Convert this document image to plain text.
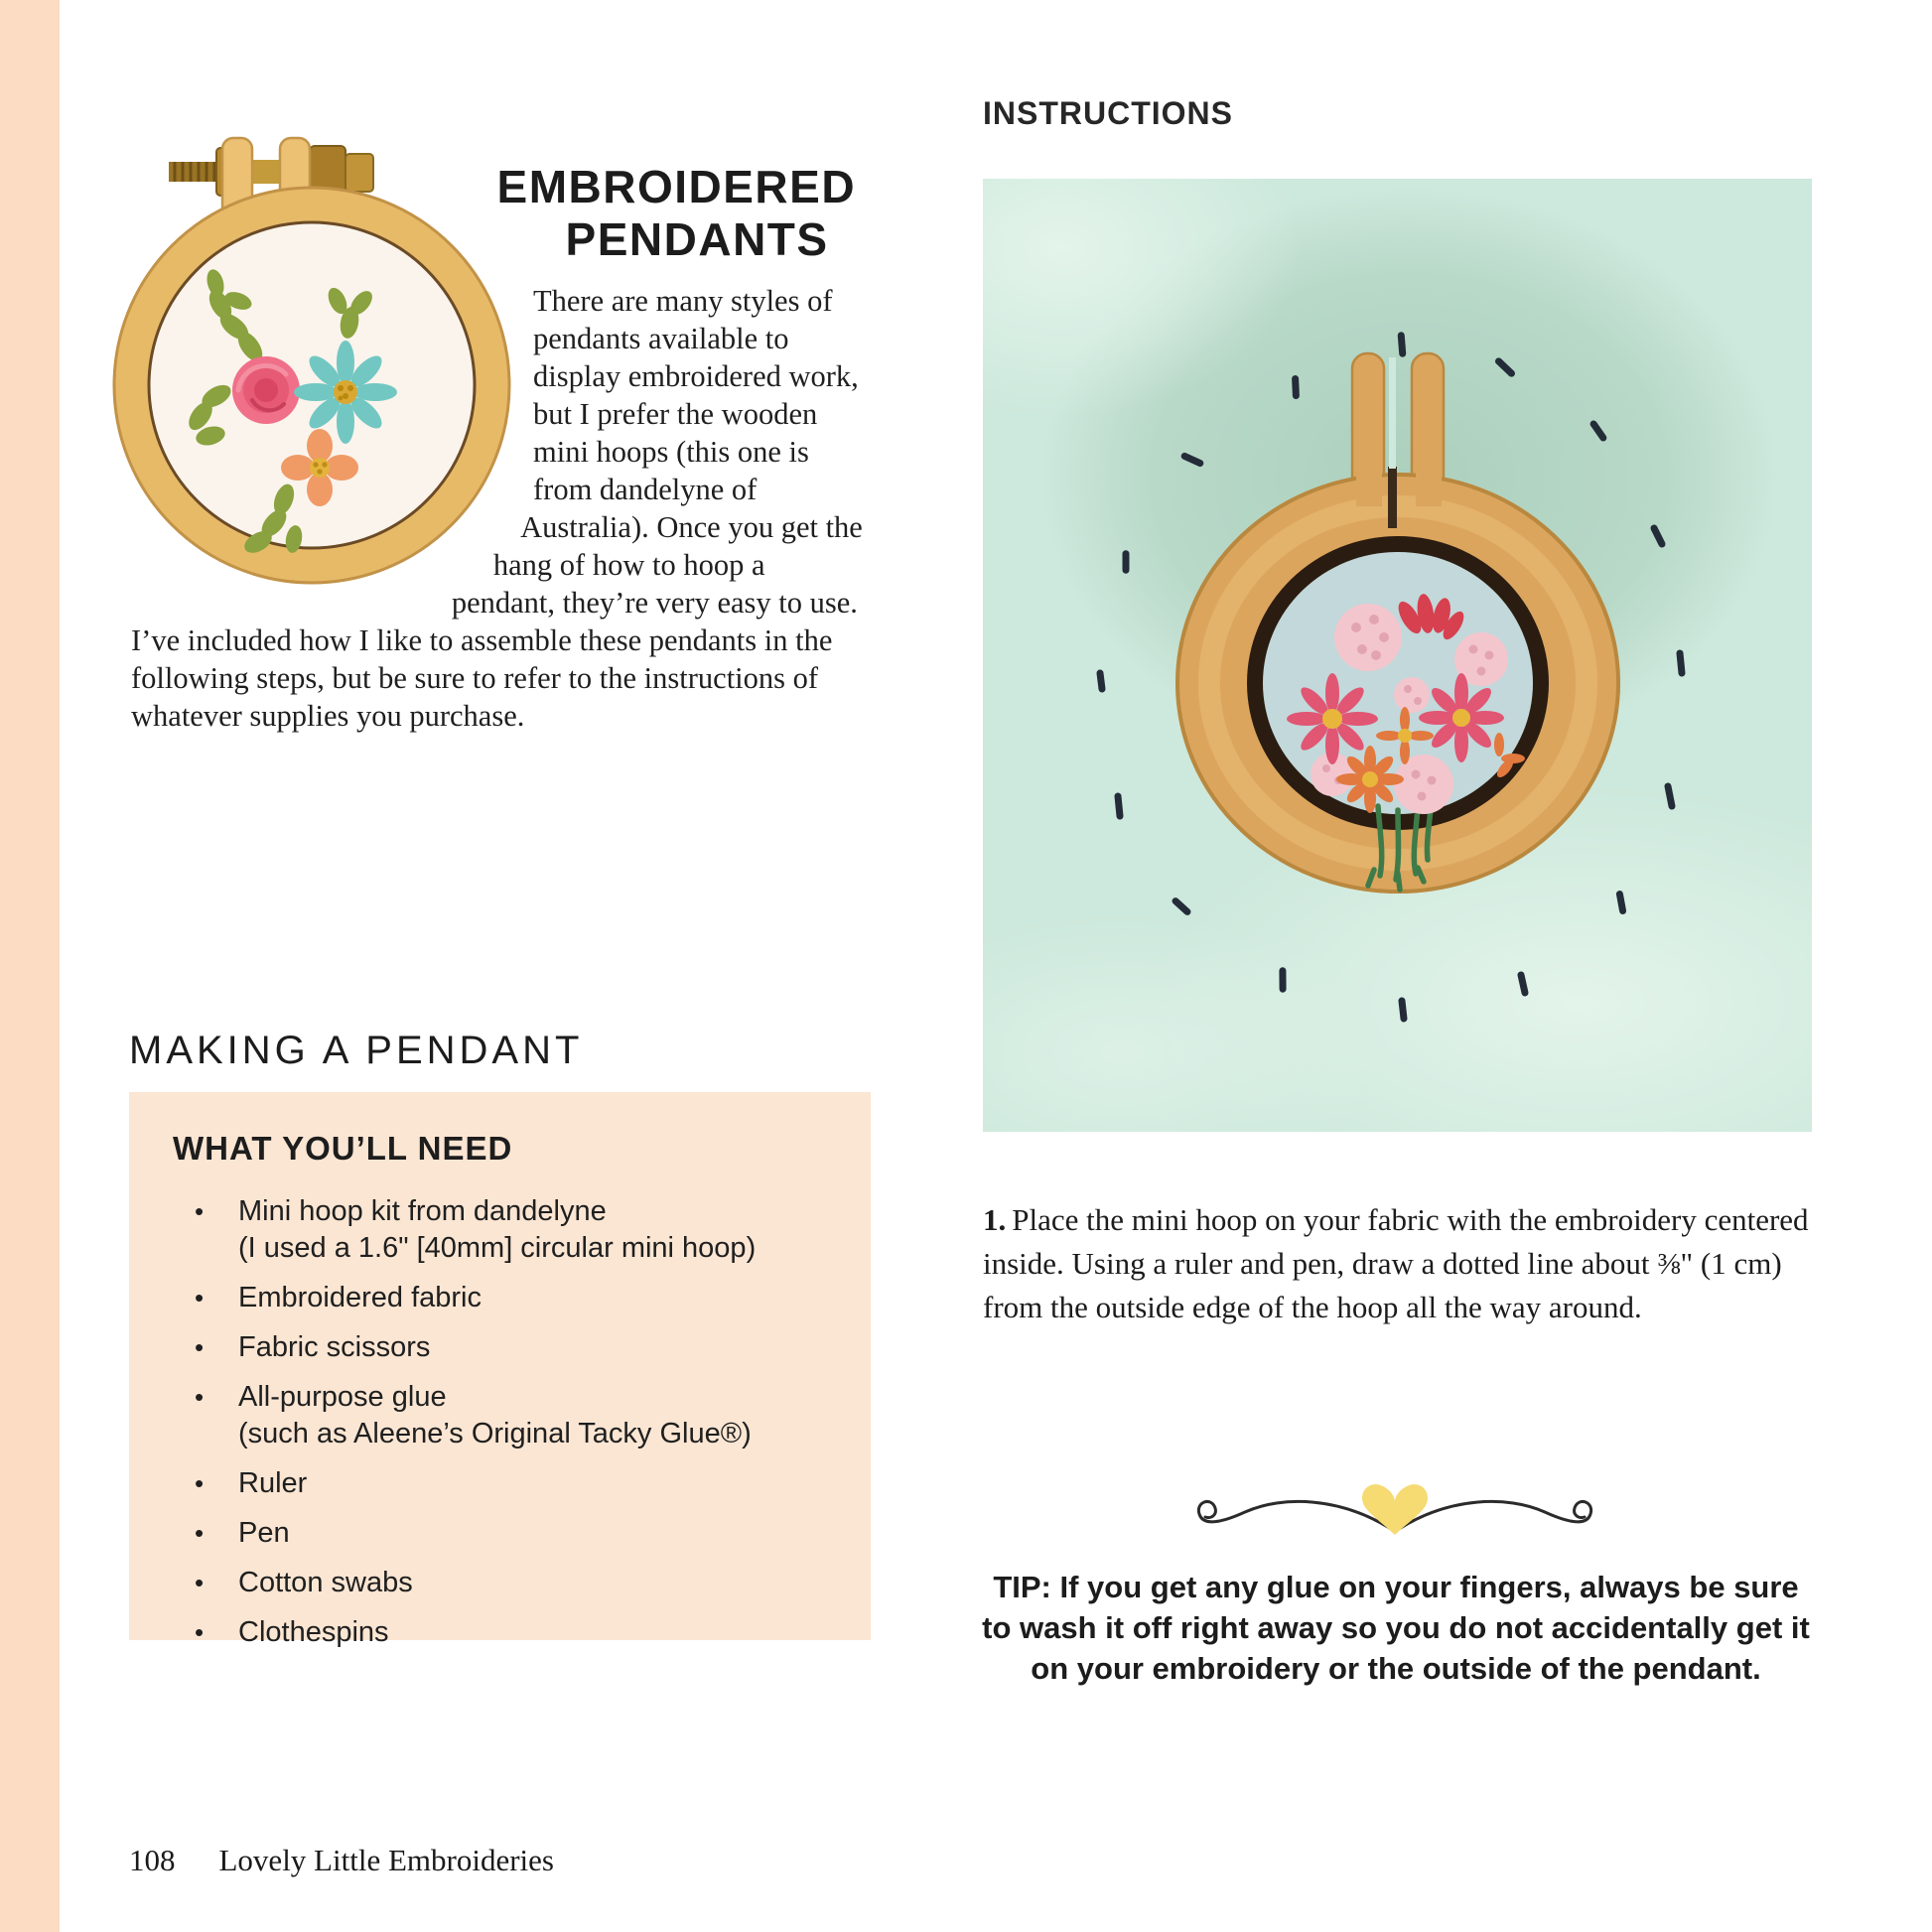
EMBROIDERED
PENDANTS

There are many styles of pendants available to display embroidered work, but I prefer the wooden mini hoops (this one is from dandelyne of Australia). Once you get the hang of how to hoop a pendant, they’re very easy to use. I’ve included how I like to assemble these pendants in the following steps, but be sure to refer to the instructions of whatever supplies you purchase.

MAKING A PENDANT
WHAT YOU’LL NEED
• Mini hoop kit from dandelyne
(I used a 1.6" [40mm] circular mini hoop)
• Embroidered fabric
• Fabric scissors
• All-purpose glue
(such as Aleene’s Original Tacky Glue®)
• Ruler
• Pen
• Cotton swabs
• Clothespins
INSTRUCTIONS

1. Place the mini hoop on your fabric with the embroidery centered inside. Using a ruler and pen, draw a dotted line about ⅜" (1 cm) from the outside edge of the hoop all the way around.

TIP: If you get any glue on your fingers, always be sure to wash it off right away so you do not accidentally get it on your embroidery or the outside of the pendant.
108 Lovely Little Embroideries
